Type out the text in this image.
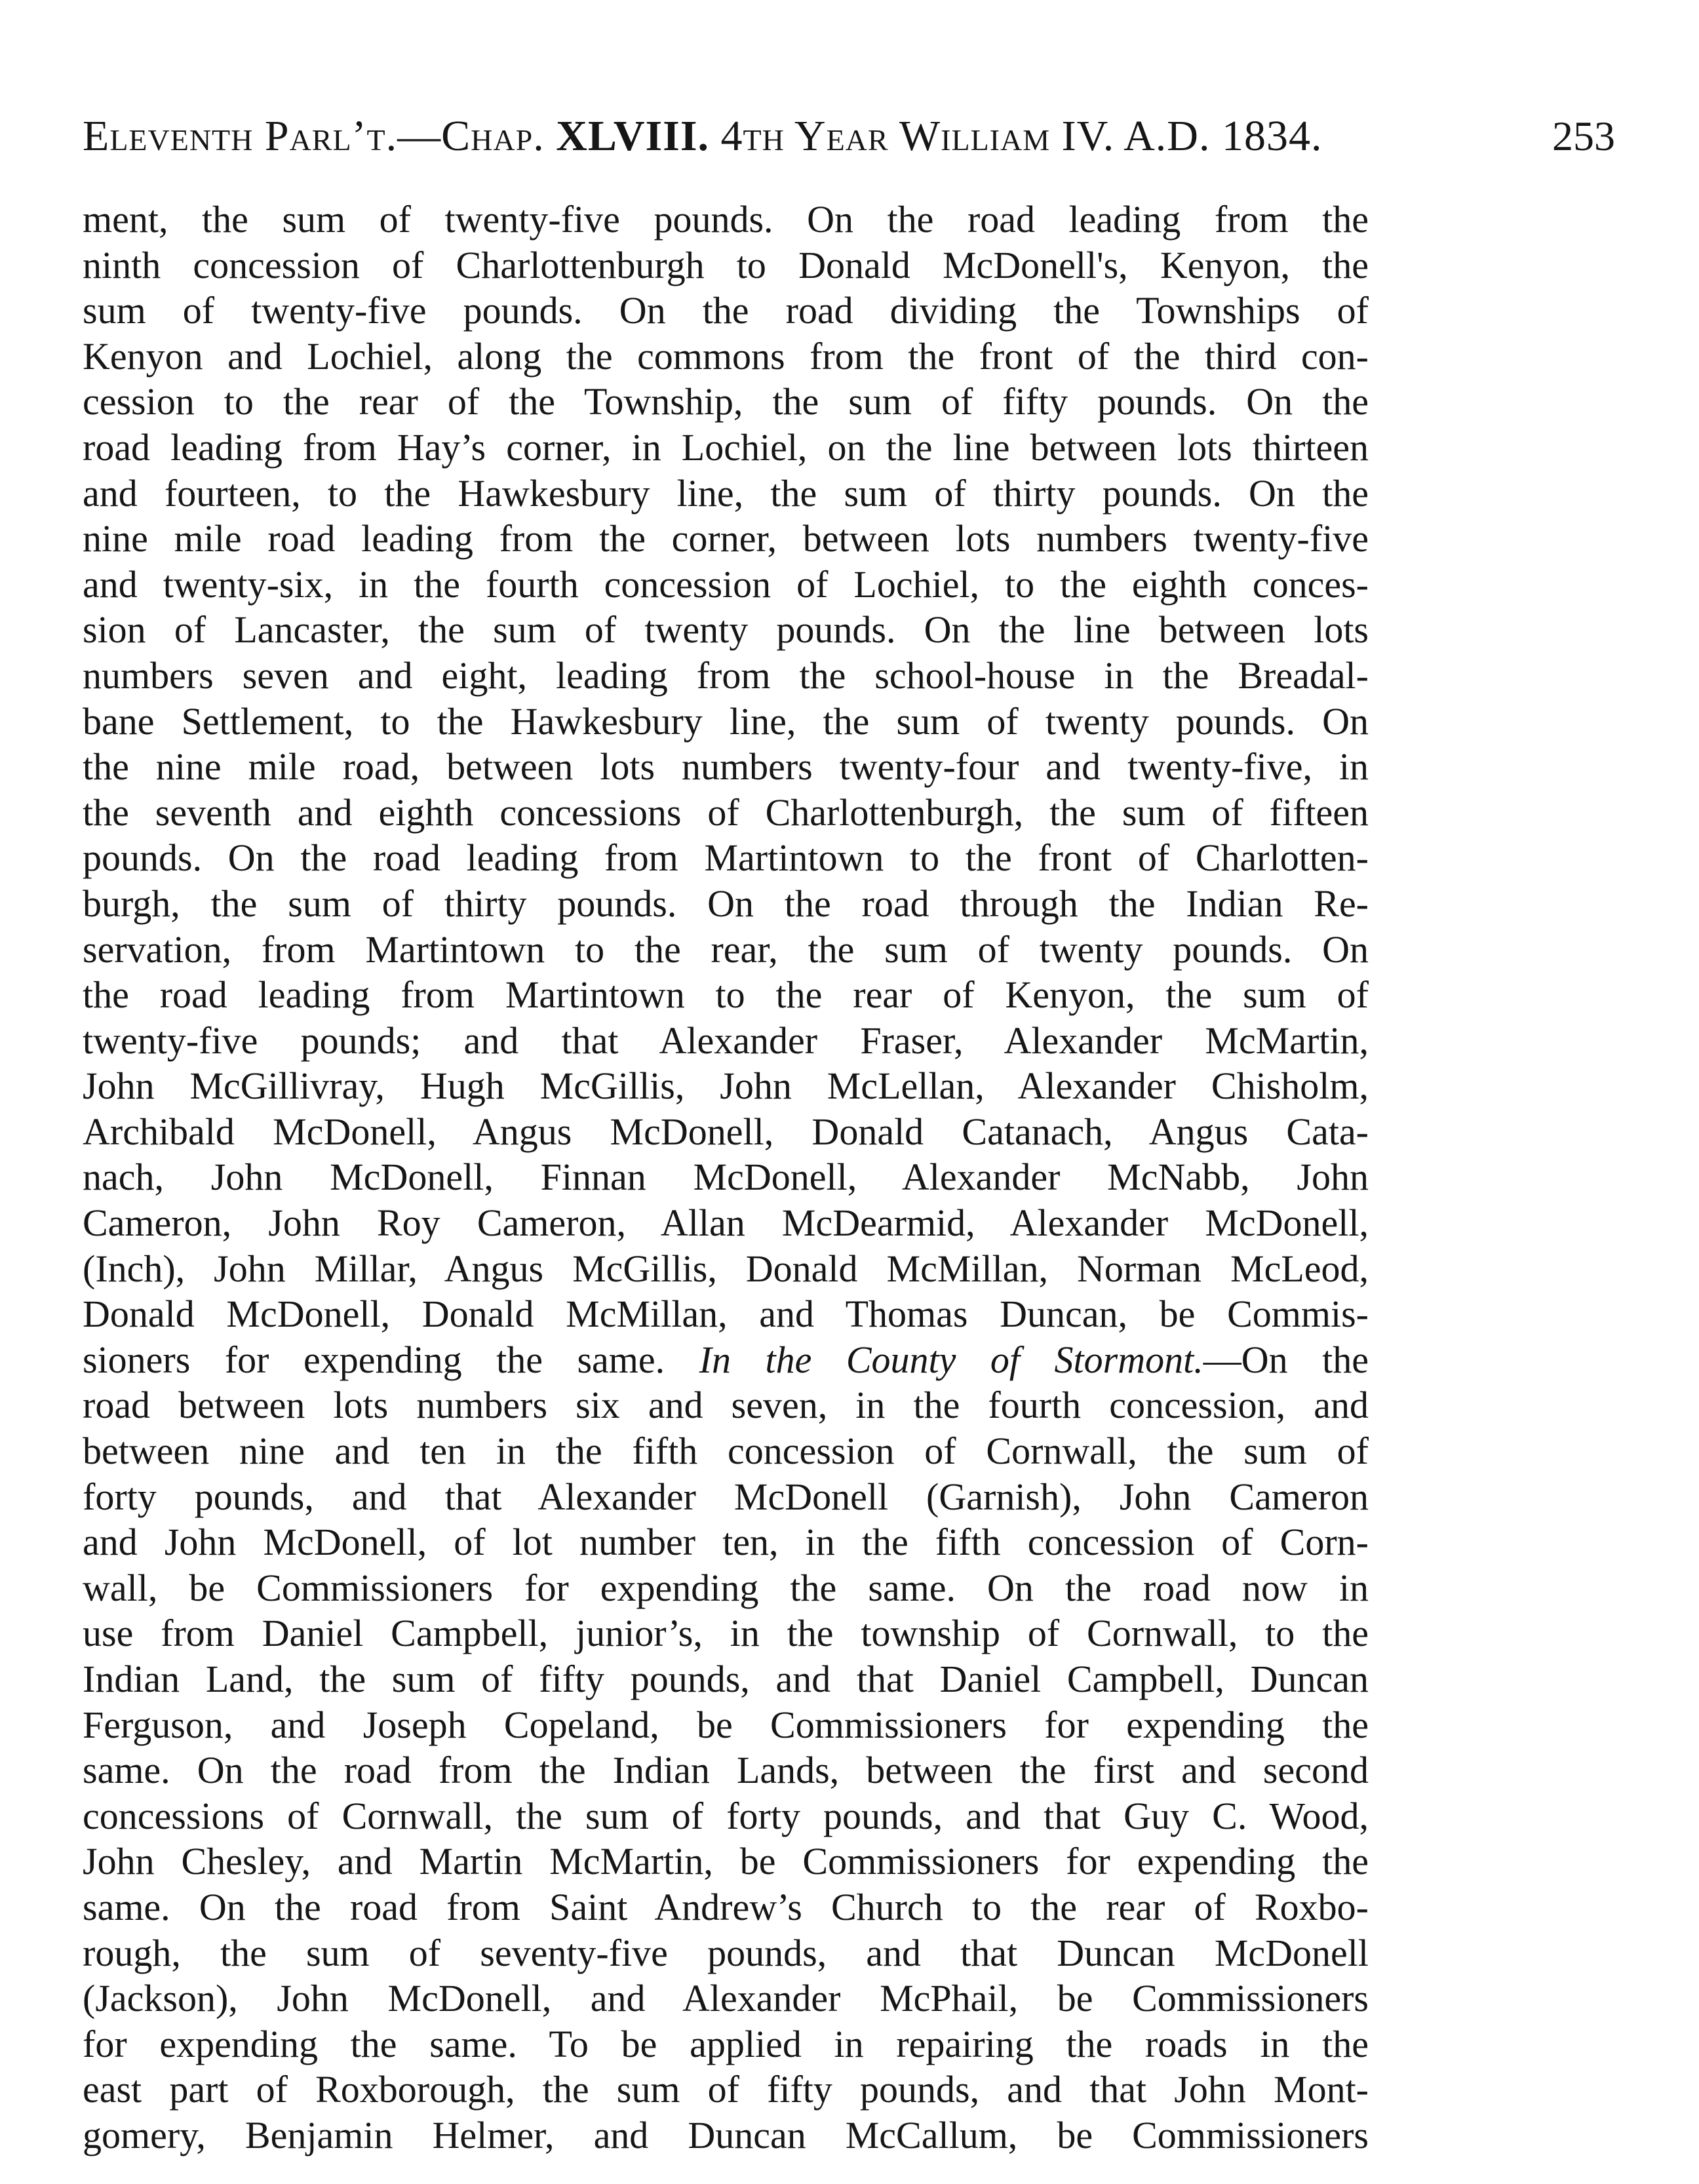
Eleventh Parl’t.—Chap. XLVIII. 4th Year William IV. A.D. 1834.	253
ment, the sum of twenty-five pounds. On the road leading from the
ninth concession of Charlottenburgh to Donald McDonell's, Kenyon, the
sum of twenty-five pounds. On the road dividing the Townships of
Kenyon and Lochiel, along the commons from the front of the third con-
cession to the rear of the Township, the sum of fifty pounds. On the
road leading from Hay’s corner, in Lochiel, on the line between lots thirteen
and fourteen, to the Hawkesbury line, the sum of thirty pounds. On the
nine mile road leading from the corner, between lots numbers twenty-five
and twenty-six, in the fourth concession of Lochiel, to the eighth conces-
sion of Lancaster, the sum of twenty pounds. On the line between lots
numbers seven and eight, leading from the school-house in the Breadal-
bane Settlement, to the Hawkesbury line, the sum of twenty pounds. On
the nine mile road, between lots numbers twenty-four and twenty-five, in
the seventh and eighth concessions of Charlottenburgh, the sum of fifteen
pounds. On the road leading from Martintown to the front of Charlotten-
burgh, the sum of thirty pounds. On the road through the Indian Re-
servation, from Martintown to the rear, the sum of twenty pounds. On
the road leading from Martintown to the rear of Kenyon, the sum of
twenty-five pounds; and that Alexander Fraser, Alexander McMartin,
John McGillivray, Hugh McGillis, John McLellan, Alexander Chisholm,
Archibald McDonell, Angus McDonell, Donald Catanach, Angus Cata-
nach, John McDonell, Finnan McDonell, Alexander McNabb, John
Cameron, John Roy Cameron, Allan McDearmid, Alexander McDonell,
(Inch), John Millar, Angus McGillis, Donald McMillan, Norman McLeod,
Donald McDonell, Donald McMillan, and Thomas Duncan, be Commis-
sioners for expending the same. In the County of Stormont.—On the
road between lots numbers six and seven, in the fourth concession, and
between nine and ten in the fifth concession of Cornwall, the sum of
forty pounds, and that Alexander McDonell (Garnish), John Cameron
and John McDonell, of lot number ten, in the fifth concession of Corn-
wall, be Commissioners for expending the same. On the road now in
use from Daniel Campbell, junior’s, in the township of Cornwall, to the
Indian Land, the sum of fifty pounds, and that Daniel Campbell, Duncan
Ferguson, and Joseph Copeland, be Commissioners for expending the
same. On the road from the Indian Lands, between the first and second
concessions of Cornwall, the sum of forty pounds, and that Guy C. Wood,
John Chesley, and Martin McMartin, be Commissioners for expending the
same. On the road from Saint Andrew’s Church to the rear of Roxbo-
rough, the sum of seventy-five pounds, and that Duncan McDonell
(Jackson), John McDonell, and Alexander McPhail, be Commissioners
for expending the same. To be applied in repairing the roads in the
east part of Roxborough, the sum of fifty pounds, and that John Mont-
gomery, Benjamin Helmer, and Duncan McCallum, be Commissioners
